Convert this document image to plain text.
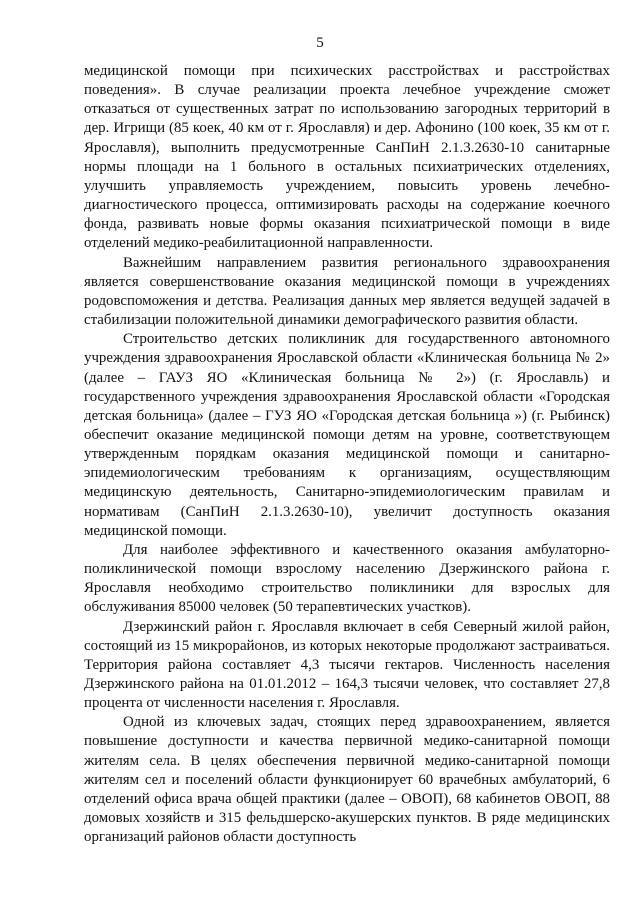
5

медицинской помощи при психических расстройствах и расстройствах поведения». В случае реализации проекта лечебное учреждение сможет отказаться от существенных затрат по использованию загородных территорий в дер. Игрищи (85 коек, 40 км от г. Ярославля) и дер. Афонино (100 коек, 35 км от г. Ярославля), выполнить предусмотренные СанПиН 2.1.3.2630-10 санитарные нормы площади на 1 больного в остальных психиатрических отделениях, улучшить управляемость учреждением, повысить уровень лечебно-диагностического процесса, оптимизировать расходы на содержание коечного фонда, развивать новые формы оказания психиатрической помощи в виде отделений медико-реабилитационной направленности.

Важнейшим направлением развития регионального здравоохранения является совершенствование оказания медицинской помощи в учреждениях родовспоможения и детства. Реализация данных мер является ведущей задачей в стабилизации положительной динамики демографического развития области.

Строительство детских поликлиник для государственного автономного учреждения здравоохранения Ярославской области «Клиническая больница № 2» (далее – ГАУЗ ЯО «Клиническая больница № 2») (г. Ярославль) и государственного учреждения здравоохранения Ярославской области «Городская детская больница» (далее – ГУЗ ЯО «Городская детская больница ») (г. Рыбинск) обеспечит оказание медицинской помощи детям на уровне, соответствующем утвержденным порядкам оказания медицинской помощи и санитарно-эпидемиологическим требованиям к организациям, осуществляющим медицинскую деятельность, Санитарно-эпидемиологическим правилам и нормативам (СанПиН 2.1.3.2630-10), увеличит доступность оказания медицинской помощи.

Для наиболее эффективного и качественного оказания амбулаторно-поликлинической помощи взрослому населению Дзержинского района г. Ярославля необходимо строительство поликлиники для взрослых для обслуживания 85000 человек (50 терапевтических участков).

Дзержинский район г. Ярославля включает в себя Северный жилой район, состоящий из 15 микрорайонов, из которых некоторые продолжают застраиваться. Территория района составляет 4,3 тысячи гектаров. Численность населения Дзержинского района на 01.01.2012 – 164,3 тысячи человек, что составляет 27,8 процента от численности населения г. Ярославля.

Одной из ключевых задач, стоящих перед здравоохранением, является повышение доступности и качества первичной медико-санитарной помощи жителям села. В целях обеспечения первичной медико-санитарной помощи жителям сел и поселений области функционирует 60 врачебных амбулаторий, 6 отделений офиса врача общей практики (далее – ОВОП), 68 кабинетов ОВОП, 88 домовых хозяйств и 315 фельдшерско-акушерских пунктов. В ряде медицинских организаций районов области доступность
